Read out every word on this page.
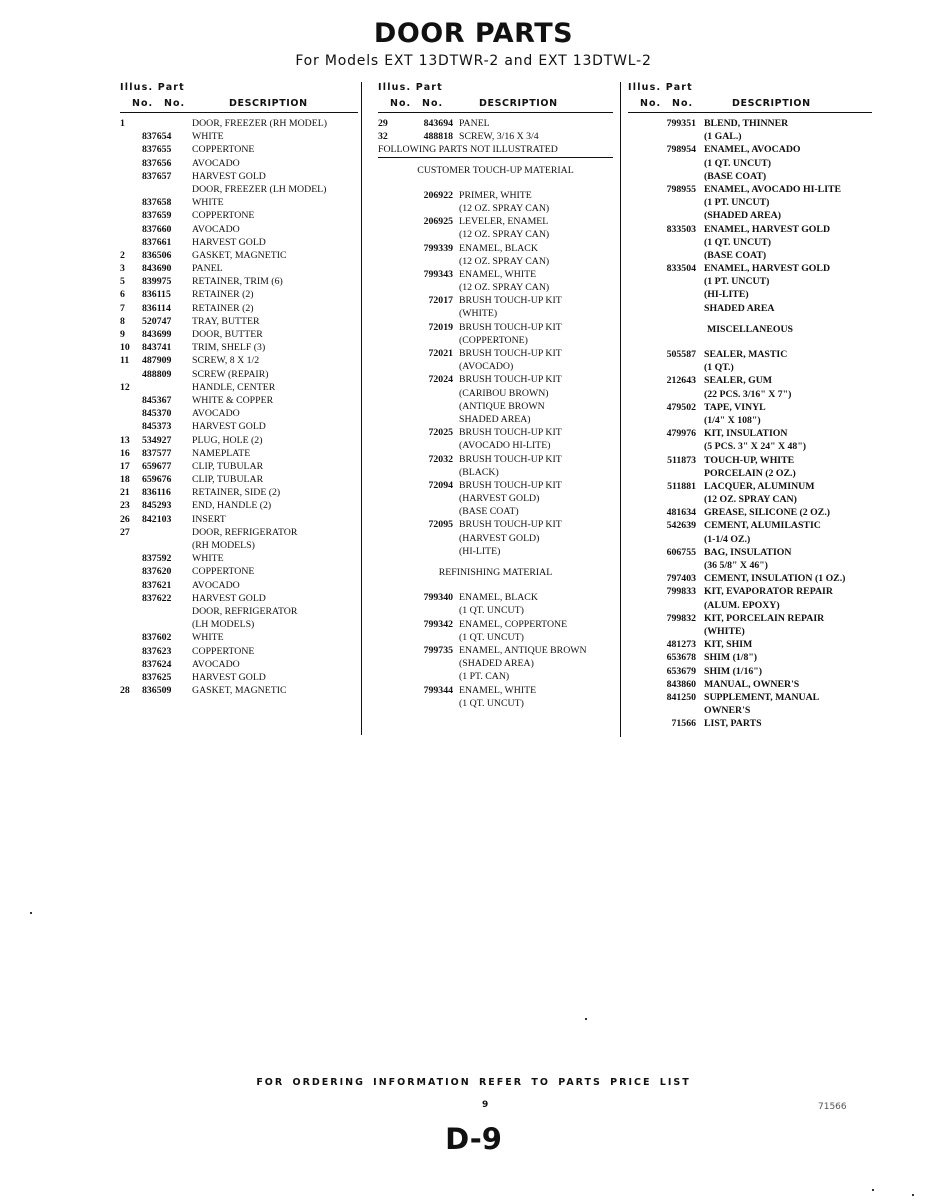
DOOR PARTS
For Models EXT 13DTWR-2 and EXT 13DTWL-2
Illus. Part
No. No.	DESCRIPTION
1	DOOR, FREEZER (RH MODEL)
837654	WHITE
837655	COPPERTONE
837656	AVOCADO
837657	HARVEST GOLD
DOOR, FREEZER (LH MODEL)
837658	WHITE
837659	COPPERTONE
837660	AVOCADO
837661	HARVEST GOLD
2	836506	GASKET, MAGNETIC
3	843690	PANEL
5	839975	RETAINER, TRIM (6)
6	836115	RETAINER (2)
7	836114	RETAINER (2)
8	520747	TRAY, BUTTER
9	843699	DOOR, BUTTER
10	843741	TRIM, SHELF (3)
11	487909	SCREW, 8 X 1/2
488809	SCREW (REPAIR)
12	HANDLE, CENTER
845367	WHITE & COPPER
845370	AVOCADO
845373	HARVEST GOLD
13	534927	PLUG, HOLE (2)
16	837577	NAMEPLATE
17	659677	CLIP, TUBULAR
18	659676	CLIP, TUBULAR
21	836116	RETAINER, SIDE (2)
23	845293	END, HANDLE (2)
26	842103	INSERT
27	DOOR, REFRIGERATOR
(RH MODELS)
837592	WHITE
837620	COPPERTONE
837621	AVOCADO
837622	HARVEST GOLD
DOOR, REFRIGERATOR
(LH MODELS)
837602	WHITE
837623	COPPERTONE
837624	AVOCADO
837625	HARVEST GOLD
28	836509	GASKET, MAGNETIC
Illus. Part
No. No.	DESCRIPTION
29	843694 PANEL
32	488818 SCREW, 3/16 X 3/4
FOLLOWING PARTS NOT ILLUSTRATED
CUSTOMER TOUCH-UP MATERIAL
206922 PRIMER, WHITE
(12 OZ. SPRAY CAN)
206925 LEVELER, ENAMEL
(12 OZ. SPRAY CAN)
799339 ENAMEL, BLACK
(12 OZ. SPRAY CAN)
799343 ENAMEL, WHITE
(12 OZ. SPRAY CAN)
72017 BRUSH TOUCH-UP KIT
(WHITE)
72019 BRUSH TOUCH-UP KIT
(COPPERTONE)
72021 BRUSH TOUCH-UP KIT
(AVOCADO)
72024 BRUSH TOUCH-UP KIT
(CARIBOU BROWN)
(ANTIQUE BROWN
SHADED AREA)
72025 BRUSH TOUCH-UP KIT
(AVOCADO HI-LITE)
72032 BRUSH TOUCH-UP KIT
(BLACK)
72094 BRUSH TOUCH-UP KIT
(HARVEST GOLD)
(BASE COAT)
72095 BRUSH TOUCH-UP KIT
(HARVEST GOLD)
(HI-LITE)
REFINISHING MATERIAL
799340 ENAMEL, BLACK
(1 QT. UNCUT)
799342 ENAMEL, COPPERTONE
(1 QT. UNCUT)
799735 ENAMEL, ANTIQUE BROWN
(SHADED AREA)
(1 PT. CAN)
799344 ENAMEL, WHITE
(1 QT. UNCUT)
Illus. Part
No. No.	DESCRIPTION
799351 BLEND, THINNER
(1 GAL.)
798954 ENAMEL, AVOCADO
(1 QT. UNCUT)
(BASE COAT)
798955 ENAMEL, AVOCADO HI-LITE
(1 PT. UNCUT)
(SHADED AREA)
833503 ENAMEL, HARVEST GOLD
(1 QT. UNCUT)
(BASE COAT)
833504 ENAMEL, HARVEST GOLD
(1 PT. UNCUT)
(HI-LITE)
SHADED AREA
MISCELLANEOUS
505587 SEALER, MASTIC
(1 QT.)
212643 SEALER, GUM
(22 PCS. 3/16" X 7")
479502 TAPE, VINYL
(1/4" X 108")
479976 KIT, INSULATION
(5 PCS. 3" X 24" X 48")
511873 TOUCH-UP, WHITE
PORCELAIN (2 OZ.)
511881 LACQUER, ALUMINUM
(12 OZ. SPRAY CAN)
481634 GREASE, SILICONE (2 OZ.)
542639 CEMENT, ALUMILASTIC
(1-1/4 OZ.)
606755 BAG, INSULATION
(36 5/8" X 46")
797403 CEMENT, INSULATION (1 OZ.)
799833 KIT, EVAPORATOR REPAIR
(ALUM. EPOXY)
799832 KIT, PORCELAIN REPAIR
(WHITE)
481273 KIT, SHIM
653678 SHIM (1/8")
653679 SHIM (1/16")
843860 MANUAL, OWNER'S
841250 SUPPLEMENT, MANUAL
OWNER'S
71566 LIST, PARTS
FOR ORDERING INFORMATION REFER TO PARTS PRICE LIST
9	71566
D-9
